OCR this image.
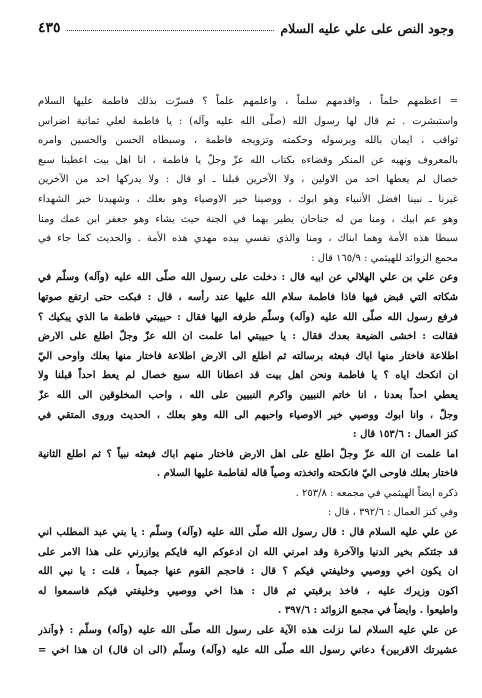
وجود النص على علي عليه السلام
٤٣٥
= اعظمهم حلماً ، واقدمهم سلماً ، واعلمهم علماً ؟ فسرّت بذلك فاطمة عليها السلام
واستبشرت . ثم قال لها رسول الله (صلّى الله عليه وآله) : يا فاطمة لعلي ثمانية اضراس
ثواقب ، ايمان بالله وبرسوله وحكمته وتزويجه فاطمة ، وسبطاه الحسن والحسين وامره
بالمعروف ونهيه عن المنكر وقضاءه بكتاب الله عزّ وجلّ يا فاطمة ، انا اهل بيت اعطينا سبع
خصال لم يعطها احد من الاولين ، ولا الآخرين قبلنا ـ او قال : ولا يدركها احد من الآخرين
غيرنا ـ نبينا افضل الأنبياء وهو ابوك ، ووصينا خير الاوصياء وهو بعلك ، وشهيدنا خير الشهداء
وهو عم ابيك ، ومنا من له جناحان يطير بهما في الجنة حيث يشاء وهو جعفر ابن عمك ومنا
سبطا هذه الأمة وهما ابناك ، ومنا والذي نفسي بيده مهدي هذه الأمة . والحديث كما جاء في
مجمع الزوائد للهيثمي : ١٦٥/٩ قال :
وعن علي بن علي الهلالي عن ابيه قال : دخلت على رسول الله صلّى الله عليه (وآله) وسلّم في
شكاته التي قبض فيها فاذا فاطمة سلام الله عليها عند رأسه ، قال : فبكت حتى ارتفع صوتها
فرفع رسول الله صلّى الله عليه (وآله) وسلّم طرفه اليها فقال : حبيبتي فاطمة ما الذي يبكيك ؟
فقالت : اخشى الضيعة بعدك فقال : يا حبيبتي اما علمت ان الله عزّ وجلّ اطلع على الارض
اطلاعة فاختار منها اباك فبعثه برسالته ثم اطلع الى الارض اطلاعة فاختار منها بعلك واوحى اليّ
ان انكحك اياه ؟ يا فاطمة ونحن اهل بيت قد اعطانا الله سبع خصال لم يعط احداً قبلنا ولا
يعطي احداً بعدنا ، انا خاتم النبيين واكرم النبيين على الله ، واحب المخلوقين الى الله عزّ
وجلّ ، وانا ابوك ووصيي خير الاوصياء واحبهم الى الله وهو بعلك ، الحديث وروى المتقي في
كنز العمال : ١٥٣/٦ قال :
اما علمت ان الله عزّ وجلّ اطلع على اهل الارض فاختار منهم اباك فبعثه نبياً ؟ ثم اطلع الثانية
فاختار بعلك فاوحى اليّ فانكحته واتخذته وصياً قاله لفاطمة عليها السلام .
ذكره ايضاً الهيثمي في مجمعه : ٢٥٣/٨ .
وفي كنز العمال : ٣٩٢/٦ ، قال :
عن علي عليه السلام قال : قال رسول الله صلّى الله عليه (وآله) وسلّم : يا بني عبد المطلب اني
قد جئتكم بخير الدنيا والآخرة وقد امرني الله ان ادعوكم اليه فايكم يوازرني على هذا الامر على
ان يكون اخي ووصيي وخليفتي فيكم ؟ قال : فاحجم القوم عنها جميعاً ، قلت : يا نبي الله
اكون وزيرك عليه ، فاخذ برقبتي ثم قال : هذا اخي ووصيي وخليفتي فيكم فاسمعوا له
واطيعوا . وايضاً في مجمع الزوائد : ٣٩٧/٦ .
عن علي عليه السلام لما نزلت هذه الآية على رسول الله صلّى الله عليه (وآله) وسلّم : ﴿واَنذر
عشيرتك الاقربين﴾ دعاني رسول الله صلّى الله عليه (وآله) وسلّم (الى ان قال) ان هذا اخي =
